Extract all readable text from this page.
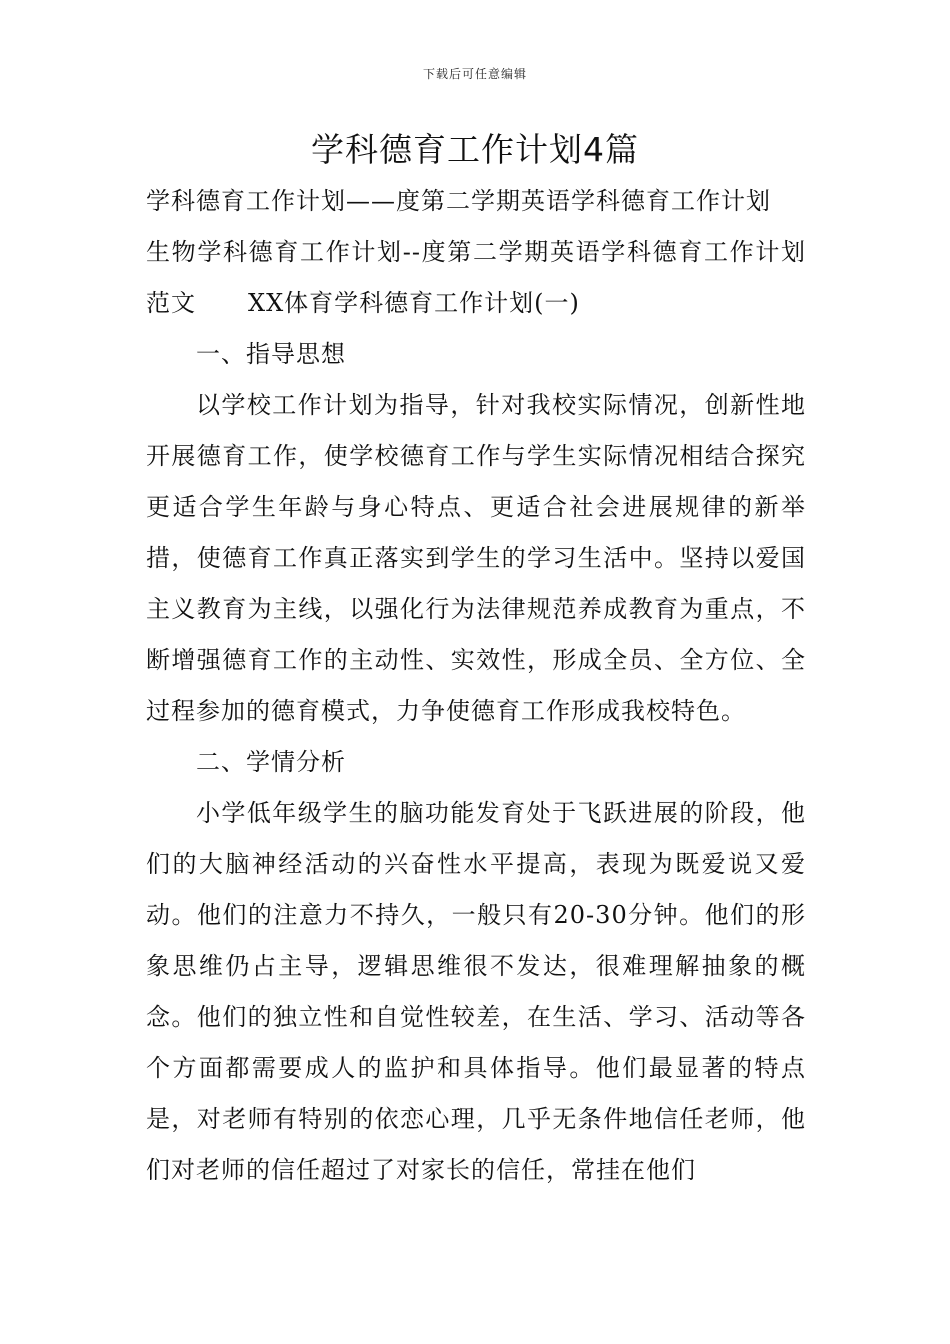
下载后可任意编辑
学科德育工作计划4篇

学科德育工作计划——度第二学期英语学科德育工作计划

生物学科德育工作计划--度第二学期英语学科德育工作计划范文 XX体育学科德育工作计划(一)

一、指导思想

以学校工作计划为指导，针对我校实际情况，创新性地开展德育工作，使学校德育工作与学生实际情况相结合探究更适合学生年龄与身心特点、更适合社会进展规律的新举措，使德育工作真正落实到学生的学习生活中。坚持以爱国主义教育为主线，以强化行为法律规范养成教育为重点，不断增强德育工作的主动性、实效性，形成全员、全方位、全过程参加的德育模式，力争使德育工作形成我校特色。

二、学情分析

小学低年级学生的脑功能发育处于飞跃进展的阶段，他们的大脑神经活动的兴奋性水平提高，表现为既爱说又爱动。他们的注意力不持久，一般只有20-30分钟。他们的形象思维仍占主导，逻辑思维很不发达，很难理解抽象的概念。他们的独立性和自觉性较差，在生活、学习、活动等各个方面都需要成人的监护和具体指导。他们最显著的特点是，对老师有特别的依恋心理，几乎无条件地信任老师，他们对老师的信任超过了对家长的信任，常挂在他们
